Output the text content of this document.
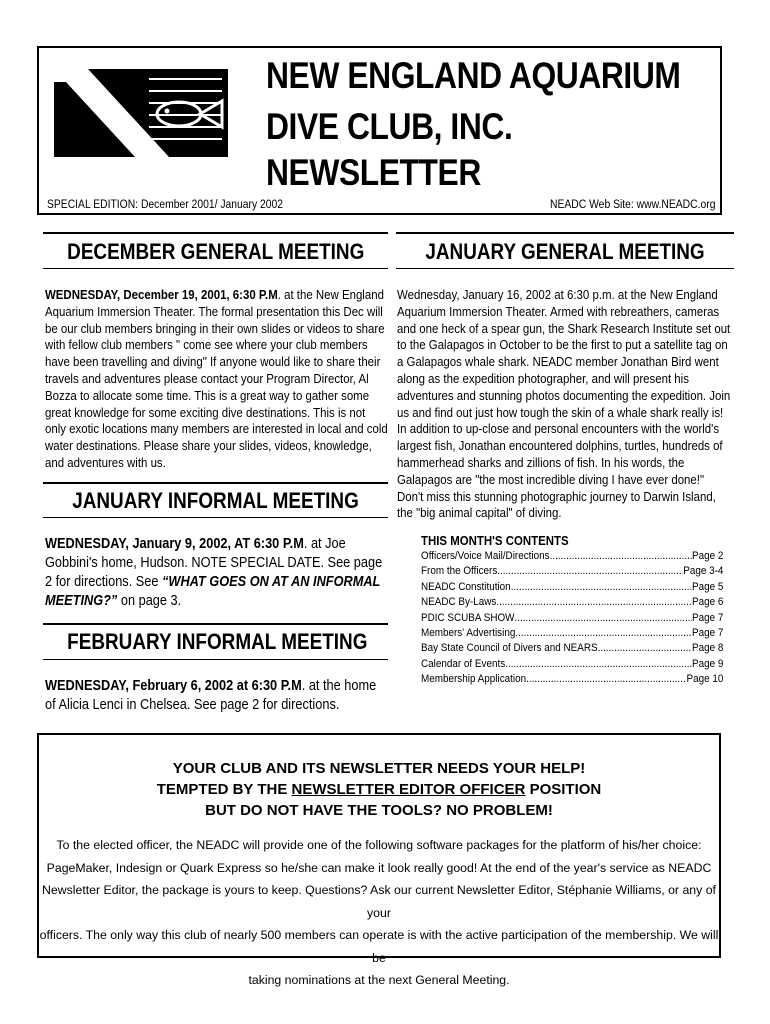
NEW ENGLAND AQUARIUM
DIVE CLUB, INC.
NEWSLETTER
SPECIAL EDITION: December 2001/ January 2002	NEADC Web Site: www.NEADC.org
DECEMBER GENERAL MEETING
WEDNESDAY, December 19, 2001, 6:30 P.M. at the New England Aquarium Immersion Theater. The formal presentation this Dec will be our club members bringing in their own slides or videos to share with fellow club members " come see where your club members have been travelling and diving" If anyone would like to share their travels and adventures please contact your Program Director, Al Bozza to allocate some time. This is a great way to gather some great knowledge for some exciting dive destinations. This is not only exotic locations many members are interested in local and cold water destinations. Please share your slides, videos, knowledge, and adventures with us.
JANUARY GENERAL MEETING
Wednesday, January 16, 2002 at 6:30 p.m. at the New England Aquarium Immersion Theater. Armed with rebreathers, cameras and one heck of a spear gun, the Shark Research Institute set out to the Galapagos in October to be the first to put a satellite tag on a Galapagos whale shark. NEADC member Jonathan Bird went along as the expedition photographer, and will present his adventures and stunning photos documenting the expedition. Join us and find out just how tough the skin of a whale shark really is! In addition to up-close and personal encounters with the world's largest fish, Jonathan encountered dolphins, turtles, hundreds of hammerhead sharks and zillions of fish. In his words, the Galapagos are "the most incredible diving I have ever done!" Don't miss this stunning photographic journey to Darwin Island, the "big animal capital" of diving.
JANUARY INFORMAL MEETING
WEDNESDAY, January 9, 2002, AT 6:30 P.M. at Joe Gobbini's home, Hudson. NOTE SPECIAL DATE. See page 2 for directions. See “WHAT GOES ON AT AN INFORMAL MEETING?” on page 3.
FEBRUARY INFORMAL MEETING
WEDNESDAY, February 6, 2002 at 6:30 P.M. at the home of Alicia Lenci in Chelsea. See page 2 for directions.
THIS MONTH'S CONTENTS
Officers/Voice Mail/Directions .....	Page 2
From the Officers .....	Page 3-4
NEADC Constitution .....	Page 5
NEADC By-Laws .....	Page 6
PDIC SCUBA SHOW .....	Page 7
Members' Advertising .....	Page 7
Bay State Council of Divers and NEARS .....	Page 8
Calendar of Events .....	Page 9
Membership Application .....	Page 10
YOUR CLUB AND ITS NEWSLETTER NEEDS YOUR HELP!
TEMPTED BY THE NEWSLETTER EDITOR OFFICER POSITION
BUT DO NOT HAVE THE TOOLS? NO PROBLEM!
To the elected officer, the NEADC will provide one of the following software packages for the platform of his/her choice:
PageMaker, Indesign or Quark Express so he/she can make it look really good! At the end of the year's service as NEADC
Newsletter Editor, the package is yours to keep. Questions? Ask our current Newsletter Editor, Stéphanie Williams, or any of your
officers. The only way this club of nearly 500 members can operate is with the active participation of the membership. We will be
taking nominations at the next General Meeting.
